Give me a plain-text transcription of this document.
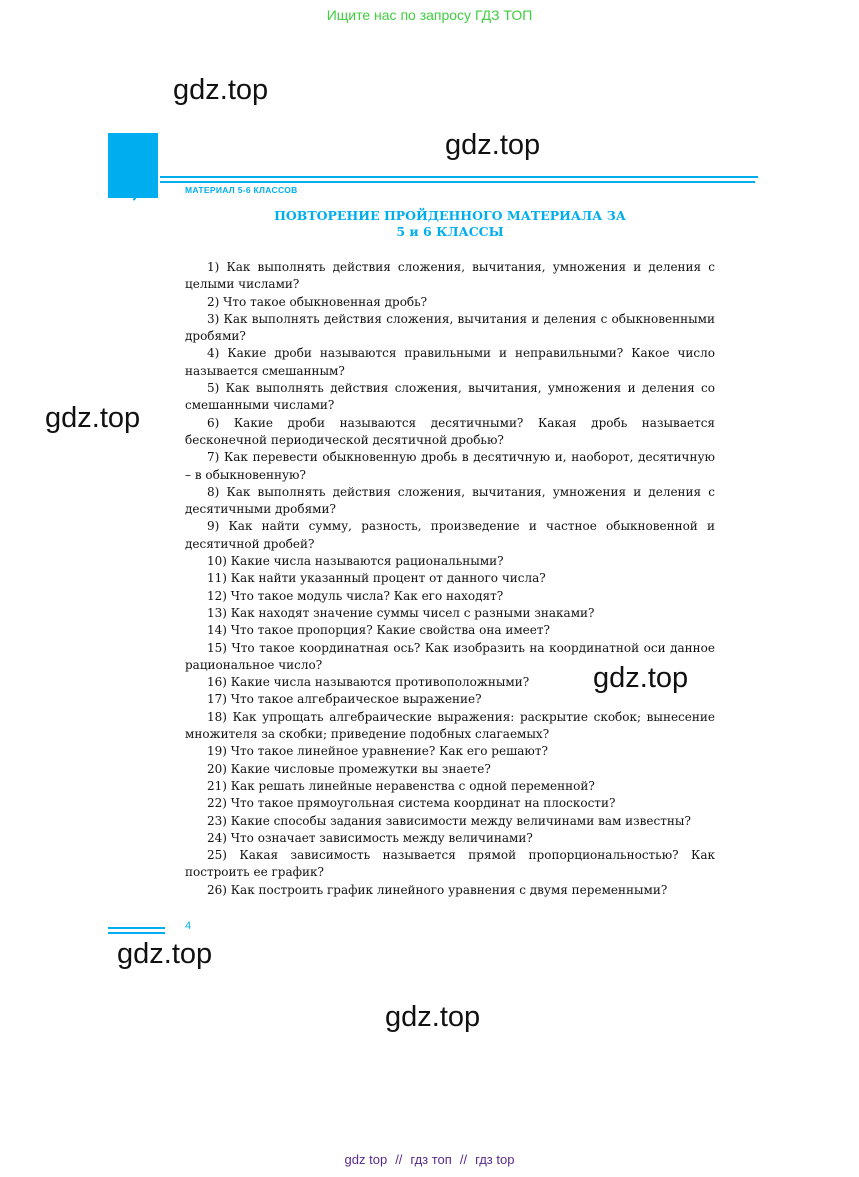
Ищите нас по запросу ГДЗ ТОП
gdz.top
gdz.top
gdz.top
gdz.top
gdz.top
gdz.top
МАТЕРИАЛ 5-6 КЛАССОВ
ПОВТОРЕНИЕ ПРОЙДЕННОГО МАТЕРИАЛА ЗА
5 и 6 КЛАССЫ
1) Как выполнять действия сложения, вычитания, умножения и деления с целыми числами?
2) Что такое обыкновенная дробь?
3) Как выполнять действия сложения, вычитания и деления с обыкновенными дробями?
4) Какие дроби называются правильными и неправильными? Какое число называется смешанным?
5) Как выполнять действия сложения, вычитания, умножения и деления со смешанными числами?
6) Какие дроби называются десятичными? Какая дробь называется бесконечной периодической десятичной дробью?
7) Как перевести обыкновенную дробь в десятичную и, наоборот, десятичную – в обыкновенную?
8) Как выполнять действия сложения, вычитания, умножения и деления с десятичными дробями?
9) Как найти сумму, разность, произведение и частное обыкновенной и десятичной дробей?
10) Какие числа называются рациональными?
11) Как найти указанный процент от данного числа?
12) Что такое модуль числа? Как его находят?
13) Как находят значение суммы чисел с разными знаками?
14) Что такое пропорция? Какие свойства она имеет?
15) Что такое координатная ось? Как изобразить на координатной оси данное рациональное число?
16) Какие числа называются противоположными?
17) Что такое алгебраическое выражение?
18) Как упрощать алгебраические выражения: раскрытие скобок; вынесение множителя за скобки; приведение подобных слагаемых?
19) Что такое линейное уравнение? Как его решают?
20) Какие числовые промежутки вы знаете?
21) Как решать линейные неравенства с одной переменной?
22) Что такое прямоугольная система координат на плоскости?
23) Какие способы задания зависимости между величинами вам известны?
24) Что означает зависимость между величинами?
25) Какая зависимость называется прямой пропорциональностью? Как построить ее график?
26) Как построить график линейного уравнения с двумя переменными?
4
gdz top // гдз топ // гдз top
